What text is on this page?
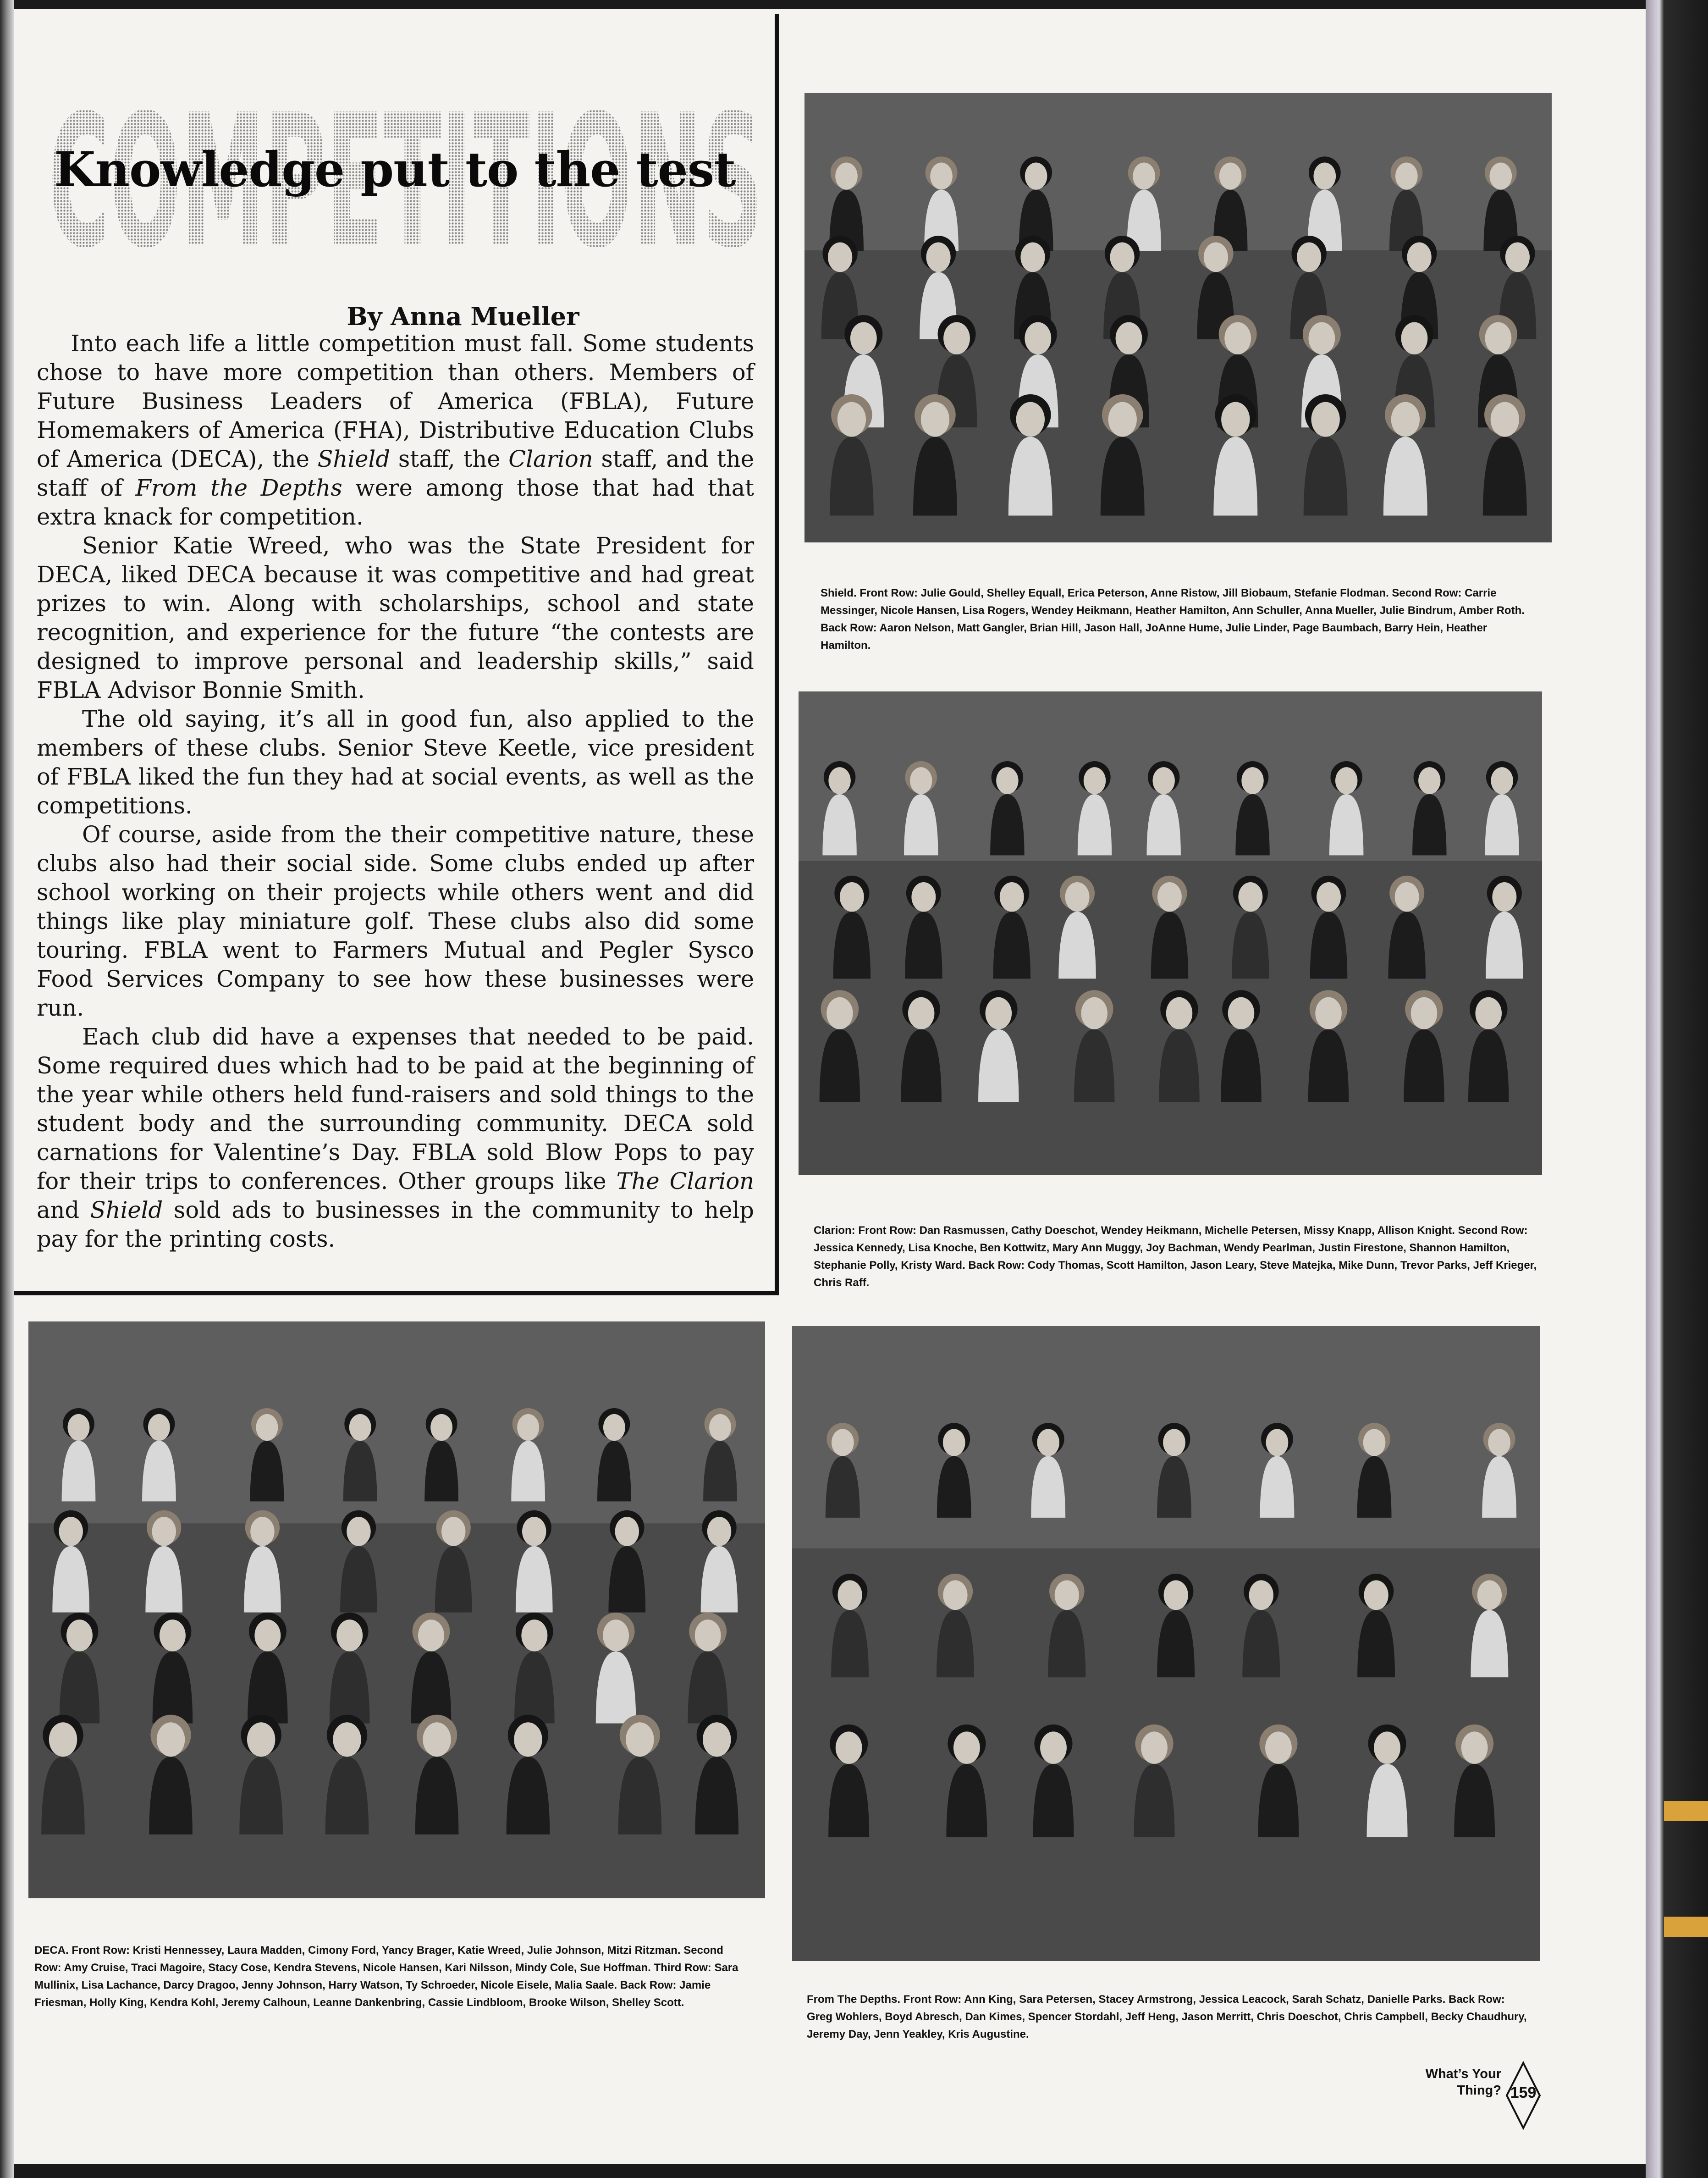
COMPETITIONS
Knowledge put to the test

By Anna Mueller

Into each life a little competition must fall. Some students chose to have more competition than others. Members of Future Business Leaders of America (FBLA), Future Homemakers of America (FHA), Distributive Education Clubs of America (DECA), the Shield staff, the Clarion staff, and the staff of From the Depths were among those that had that extra knack for competition.

Senior Katie Wreed, who was the State President for DECA, liked DECA because it was competitive and had great prizes to win. Along with scholarships, school and state recognition, and experience for the future “the contests are designed to improve personal and leadership skills,” said FBLA Advisor Bonnie Smith.

The old saying, it’s all in good fun, also applied to the members of these clubs. Senior Steve Keetle, vice president of FBLA liked the fun they had at social events, as well as the competitions.

Of course, aside from the their competitive nature, these clubs also had their social side. Some clubs ended up after school working on their projects while others went and did things like play miniature golf. These clubs also did some touring. FBLA went to Farmers Mutual and Pegler Sysco Food Services Company to see how these businesses were run.

Each club did have a expenses that needed to be paid. Some required dues which had to be paid at the beginning of the year while others held fund-raisers and sold things to the student body and the surrounding community. DECA sold carnations for Valentine’s Day. FBLA sold Blow Pops to pay for their trips to conferences. Other groups like The Clarion and Shield sold ads to businesses in the community to help pay for the printing costs.

Shield. Front Row: Julie Gould, Shelley Equall, Erica Peterson, Anne Ristow, Jill Biobaum, Stefanie Flodman. Second Row: Carrie Messinger, Nicole Hansen, Lisa Rogers, Wendey Heikmann, Heather Hamilton, Ann Schuller, Anna Mueller, Julie Bindrum, Amber Roth. Back Row: Aaron Nelson, Matt Gangler, Brian Hill, Jason Hall, JoAnne Hume, Julie Linder, Page Baumbach, Barry Hein, Heather Hamilton.

Clarion: Front Row: Dan Rasmussen, Cathy Doeschot, Wendey Heikmann, Michelle Petersen, Missy Knapp, Allison Knight. Second Row: Jessica Kennedy, Lisa Knoche, Ben Kottwitz, Mary Ann Muggy, Joy Bachman, Wendy Pearlman, Justin Firestone, Shannon Hamilton, Stephanie Polly, Kristy Ward. Back Row: Cody Thomas, Scott Hamilton, Jason Leary, Steve Matejka, Mike Dunn, Trevor Parks, Jeff Krieger, Chris Raff.

DECA. Front Row: Kristi Hennessey, Laura Madden, Cimony Ford, Yancy Brager, Katie Wreed, Julie Johnson, Mitzi Ritzman. Second Row: Amy Cruise, Traci Magoire, Stacy Cose, Kendra Stevens, Nicole Hansen, Kari Nilsson, Mindy Cole, Sue Hoffman. Third Row: Sara Mullinix, Lisa Lachance, Darcy Dragoo, Jenny Johnson, Harry Watson, Ty Schroeder, Nicole Eisele, Malia Saale. Back Row: Jamie Friesman, Holly King, Kendra Kohl, Jeremy Calhoun, Leanne Dankenbring, Cassie Lindbloom, Brooke Wilson, Shelley Scott.	From The Depths. Front Row: Ann King, Sara Petersen, Stacey Armstrong, Jessica Leacock, Sarah Schatz, Danielle Parks. Back Row: Greg Wohlers, Boyd Abresch, Dan Kimes, Spencer Stordahl, Jeff Heng, Jason Merritt, Chris Doeschot, Chris Campbell, Becky Chaudhury, Jeremy Day, Jenn Yeakley, Kris Augustine.

What’s Your
Thing? 159
